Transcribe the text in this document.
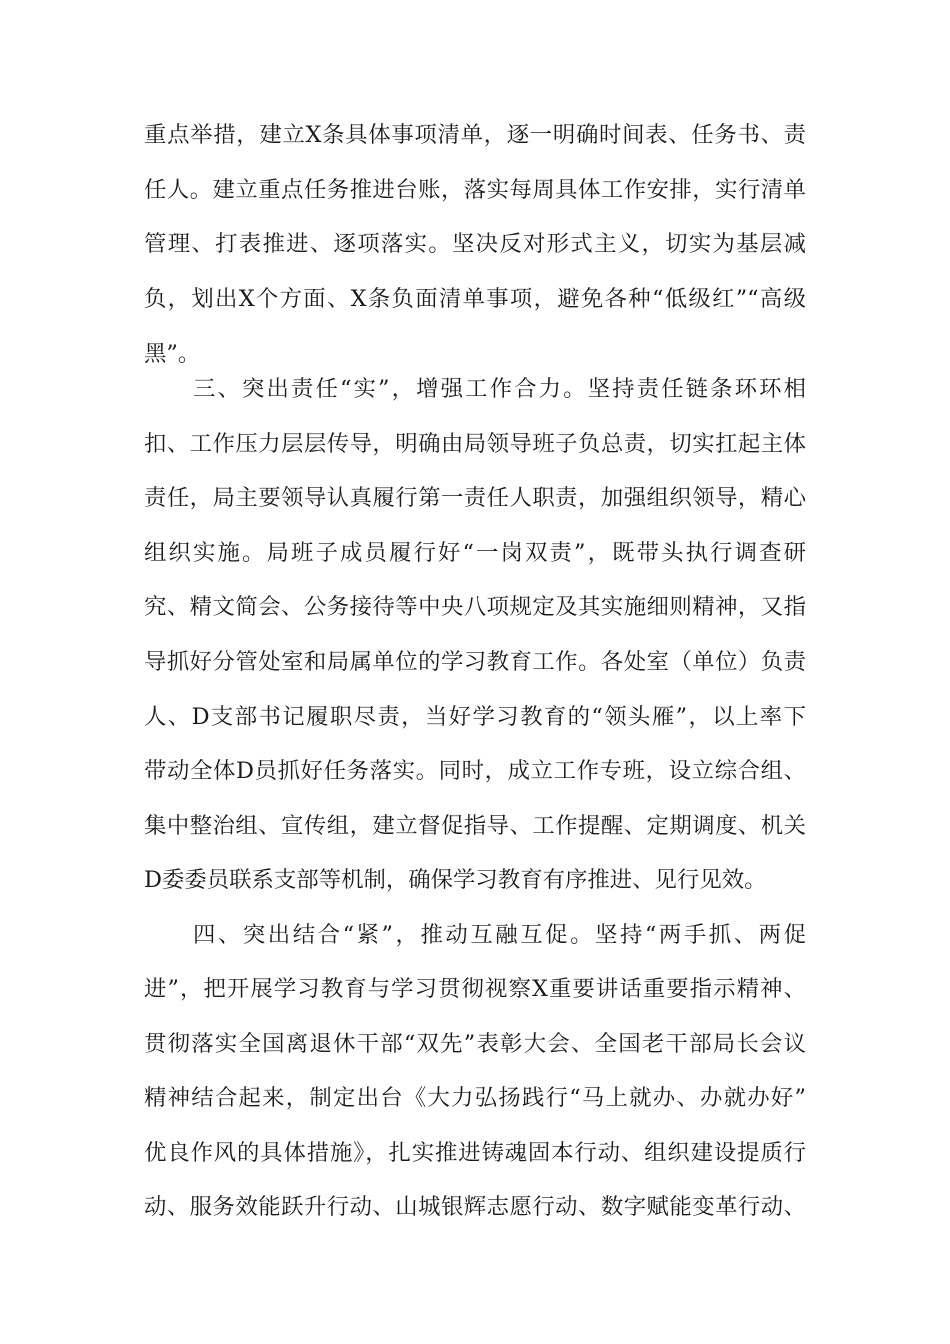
重点举措，建立X条具体事项清单，逐一明确时间表、任务书、责
任人。建立重点任务推进台账，落实每周具体工作安排，实行清单
管理、打表推进、逐项落实。坚决反对形式主义，切实为基层减
负，划出X个方面、X条负面清单事项，避免各种“低级红”“高级
黑”。
三、突出责任“实”，增强工作合力。坚持责任链条环环相
扣、工作压力层层传导，明确由局领导班子负总责，切实扛起主体
责任，局主要领导认真履行第一责任人职责，加强组织领导，精心
组织实施。局班子成员履行好“一岗双责”，既带头执行调查研
究、精文简会、公务接待等中央八项规定及其实施细则精神，又指
导抓好分管处室和局属单位的学习教育工作。各处室（单位）负责
人、D支部书记履职尽责，当好学习教育的“领头雁”，以上率下
带动全体D员抓好任务落实。同时，成立工作专班，设立综合组、
集中整治组、宣传组，建立督促指导、工作提醒、定期调度、机关
D委委员联系支部等机制，确保学习教育有序推进、见行见效。
四、突出结合“紧”，推动互融互促。坚持“两手抓、两促
进”，把开展学习教育与学习贯彻视察X重要讲话重要指示精神、
贯彻落实全国离退休干部“双先”表彰大会、全国老干部局长会议
精神结合起来，制定出台《大力弘扬践行“马上就办、办就办好”
优良作风的具体措施》，扎实推进铸魂固本行动、组织建设提质行
动、服务效能跃升行动、山城银辉志愿行动、数字赋能变革行动、
